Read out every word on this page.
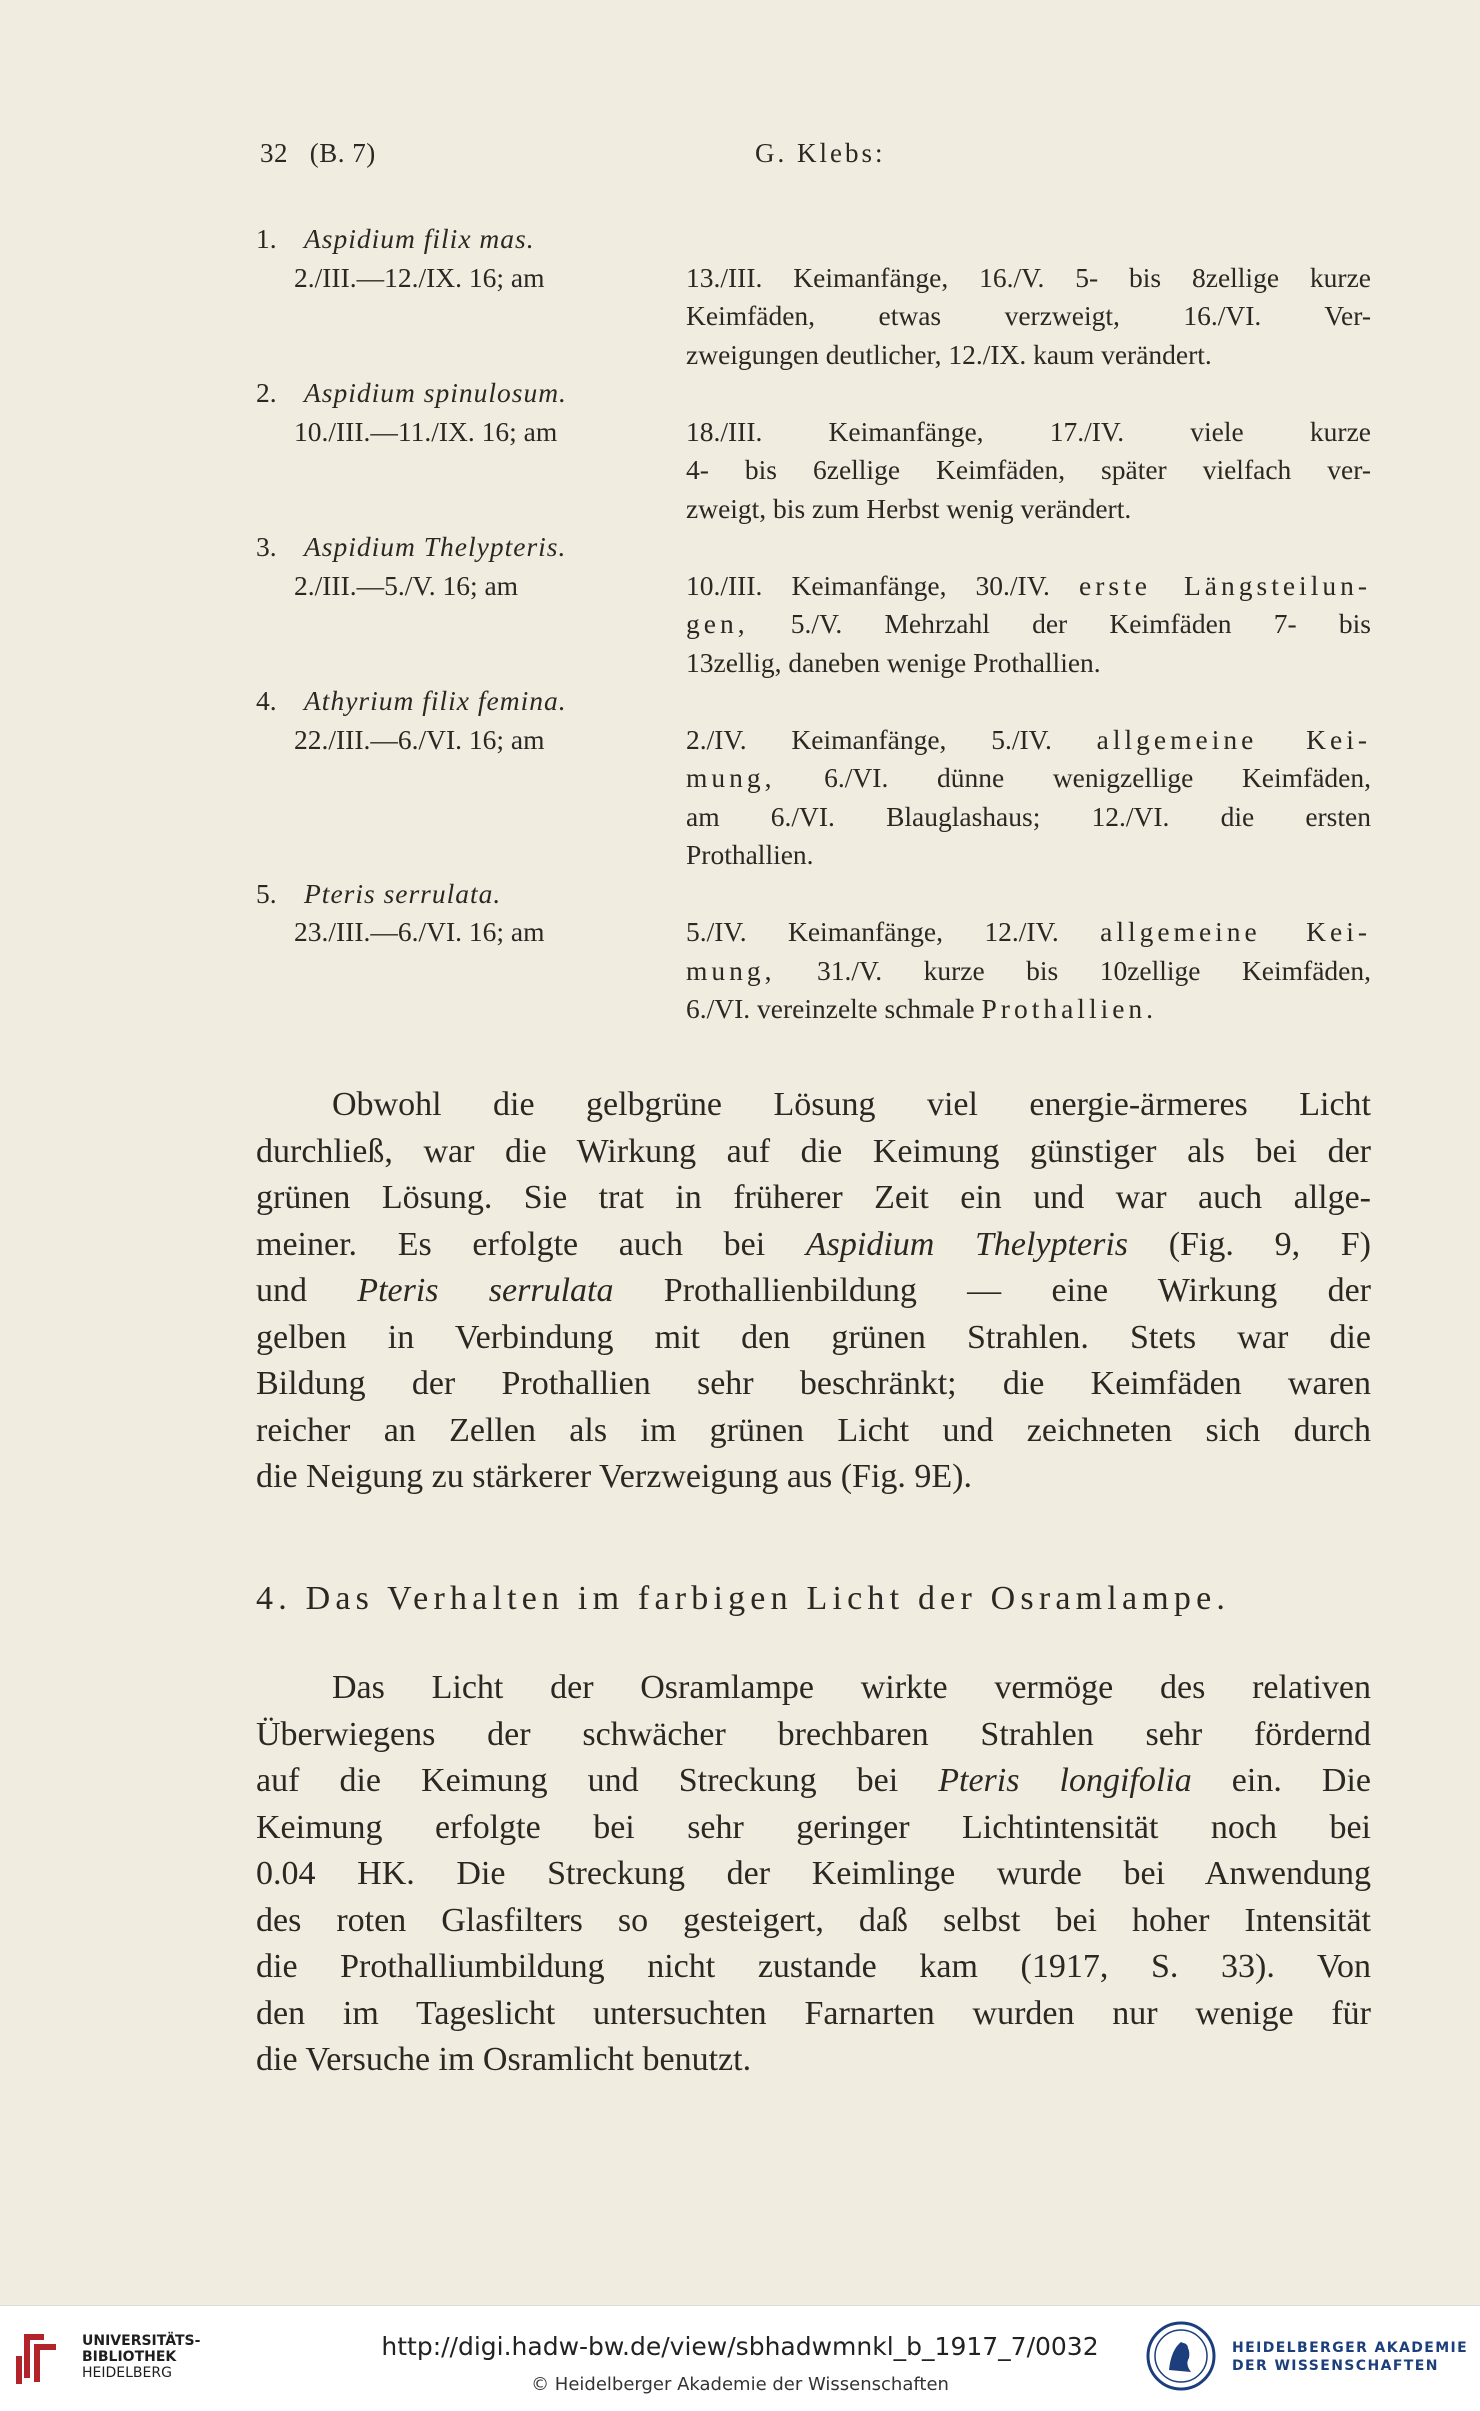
32 (B. 7)	G. Klebs:
1. Aspidium filix mas.
2./III.—12./IX. 16; am	13./III. Keimanfänge, 16./V. 5- bis 8zellige kurze
Keimfäden, etwas verzweigt, 16./VI. Ver-
zweigungen deutlicher, 12./IX. kaum verändert.
2. Aspidium spinulosum.
10./III.—11./IX. 16; am	18./III. Keimanfänge, 17./IV. viele kurze
4- bis 6zellige Keimfäden, später vielfach ver-
zweigt, bis zum Herbst wenig verändert.
3. Aspidium Thelypteris.
2./III.—5./V. 16; am	10./III. Keimanfänge, 30./IV. erste Längsteilun-
gen, 5./V. Mehrzahl der Keimfäden 7- bis
13zellig, daneben wenige Prothallien.
4. Athyrium filix femina.
22./III.—6./VI. 16; am	2./IV. Keimanfänge, 5./IV. allgemeine Kei-
mung, 6./VI. dünne wenigzellige Keimfäden,
am 6./VI. Blauglashaus; 12./VI. die ersten
Prothallien.
5. Pteris serrulata.
23./III.—6./VI. 16; am	5./IV. Keimanfänge, 12./IV. allgemeine Kei-
mung, 31./V. kurze bis 10zellige Keimfäden,
6./VI. vereinzelte schmale Prothallien.
Obwohl die gelbgrüne Lösung viel energie-ärmeres Licht
durchließ, war die Wirkung auf die Keimung günstiger als bei der
grünen Lösung. Sie trat in früherer Zeit ein und war auch allge-
meiner. Es erfolgte auch bei Aspidium Thelypteris (Fig. 9, F)
und Pteris serrulata Prothallienbildung — eine Wirkung der
gelben in Verbindung mit den grünen Strahlen. Stets war die
Bildung der Prothallien sehr beschränkt; die Keimfäden waren
reicher an Zellen als im grünen Licht und zeichneten sich durch
die Neigung zu stärkerer Verzweigung aus (Fig. 9E).
4. Das Verhalten im farbigen Licht der Osramlampe.
Das Licht der Osramlampe wirkte vermöge des relativen
Überwiegens der schwächer brechbaren Strahlen sehr fördernd
auf die Keimung und Streckung bei Pteris longifolia ein. Die
Keimung erfolgte bei sehr geringer Lichtintensität noch bei
0.04 HK. Die Streckung der Keimlinge wurde bei Anwendung
des roten Glasfilters so gesteigert, daß selbst bei hoher Intensität
die Prothalliumbildung nicht zustande kam (1917, S. 33). Von
den im Tageslicht untersuchten Farnarten wurden nur wenige für
die Versuche im Osramlicht benutzt.
UNIVERSITÄTS-
BIBLIOTHEK
HEIDELBERG
http://digi.hadw-bw.de/view/sbhadwmnkl_b_1917_7/0032
© Heidelberger Akademie der Wissenschaften
HEIDELBERGER AKADEMIE
DER WISSENSCHAFTEN
